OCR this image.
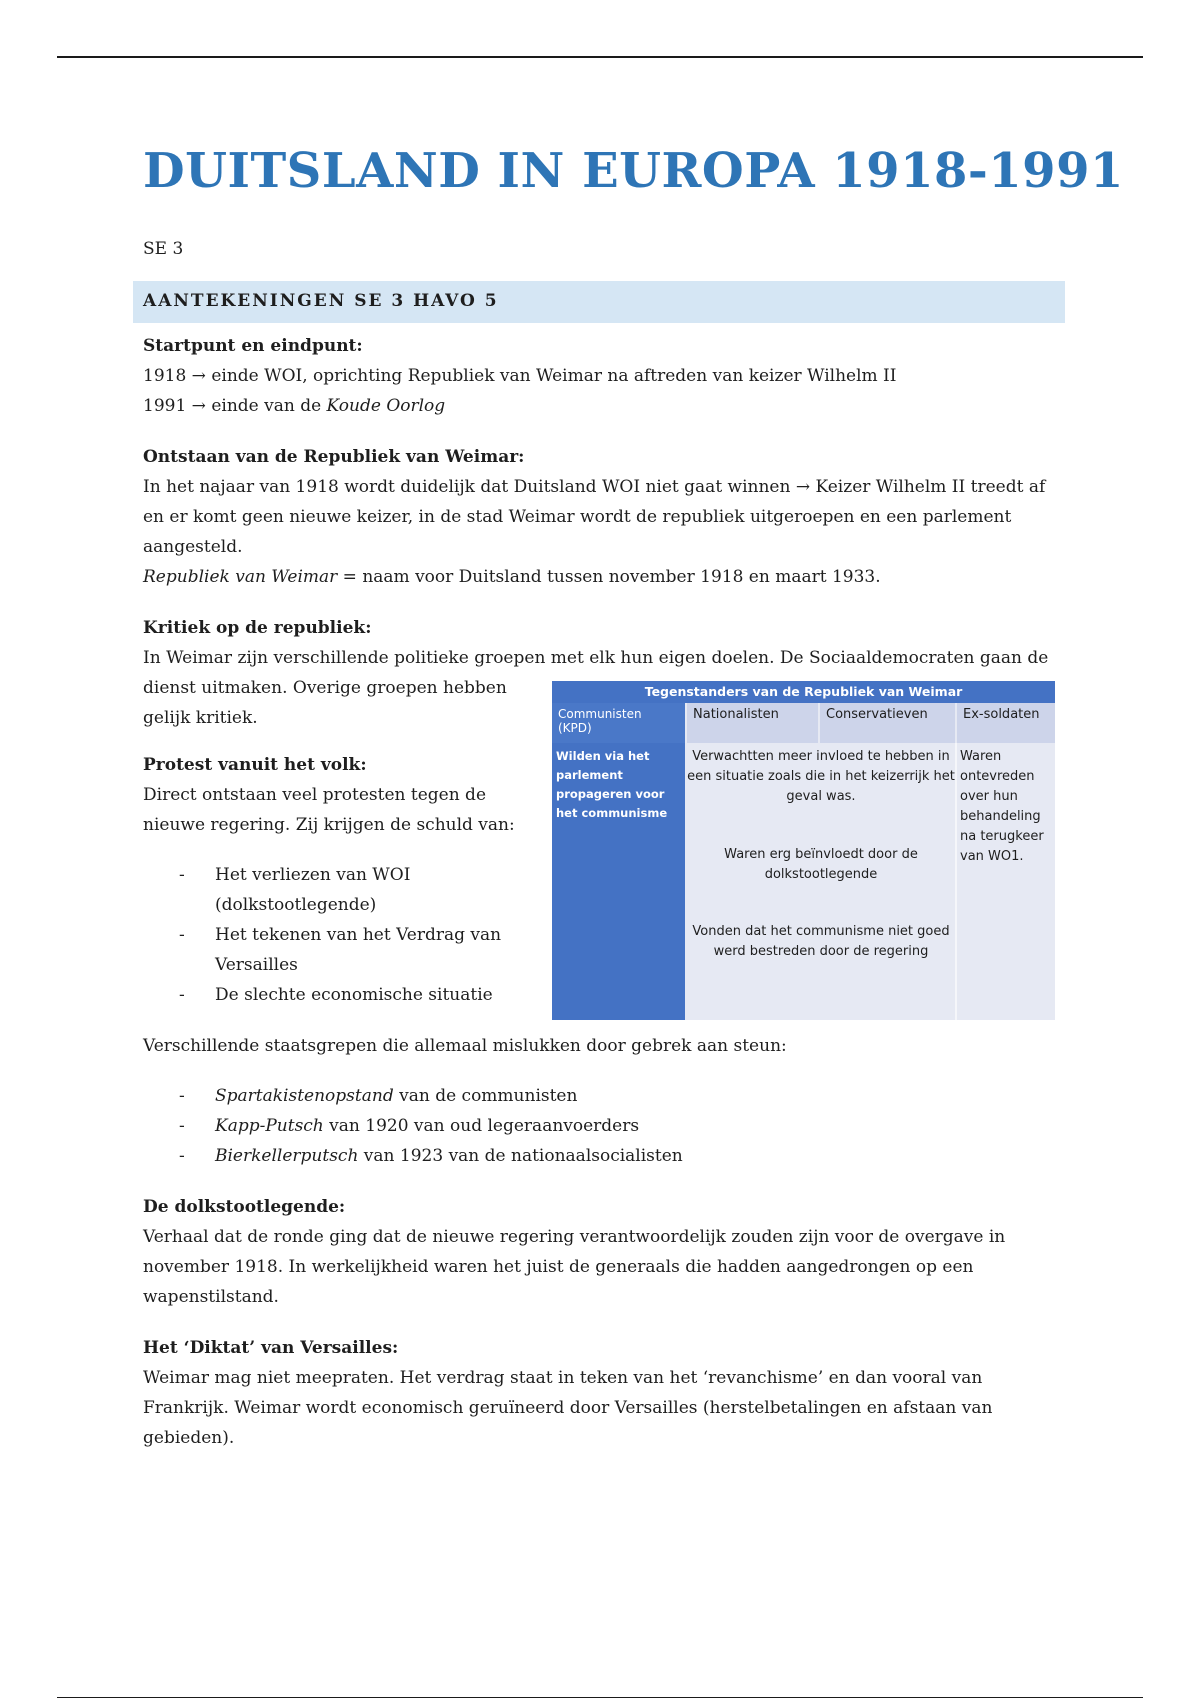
DUITSLAND IN EUROPA 1918-1991
SE 3
AANTEKENINGEN SE 3 HAVO 5
Startpunt en eindpunt:
1918 → einde WOI, oprichting Republiek van Weimar na aftreden van keizer Wilhelm II
1991 → einde van de Koude Oorlog
Ontstaan van de Republiek van Weimar:
In het najaar van 1918 wordt duidelijk dat Duitsland WOI niet gaat winnen → Keizer Wilhelm II treedt af en er komt geen nieuwe keizer, in de stad Weimar wordt de republiek uitgeroepen en een parlement aangesteld.
Republiek van Weimar = naam voor Duitsland tussen november 1918 en maart 1933.
Kritiek op de republiek:
In Weimar zijn verschillende politieke groepen met elk hun eigen doelen. De Sociaaldemocraten gaan de
dienst uitmaken. Overige groepen hebben
gelijk kritiek.
Protest vanuit het volk:
Direct ontstaan veel protesten tegen de
nieuwe regering. Zij krijgen de schuld van:
- Het verliezen van WOI
(dolkstootlegende)
- Het tekenen van het Verdrag van
Versailles
- De slechte economische situatie
Tegenstanders van de Republiek van Weimar
Communisten (KPD)
Nationalisten	Conservatieven	Ex-soldaten
Wilden via het parlement propageren voor het communisme
Verwachtten meer invloed te hebben in een situatie zoals die in het keizerrijk het geval was.
Waren erg beïnvloedt door de dolkstootlegende
Vonden dat het communisme niet goed werd bestreden door de regering
Waren ontevreden over hun behandeling na terugkeer van WO1.
Verschillende staatsgrepen die allemaal mislukken door gebrek aan steun:
- Spartakistenopstand van de communisten
- Kapp-Putsch van 1920 van oud legeraanvoerders
- Bierkellerputsch van 1923 van de nationaalsocialisten
De dolkstootlegende:
Verhaal dat de ronde ging dat de nieuwe regering verantwoordelijk zouden zijn voor de overgave in november 1918. In werkelijkheid waren het juist de generaals die hadden aangedrongen op een wapenstilstand.
Het ‘Diktat’ van Versailles:
Weimar mag niet meepraten. Het verdrag staat in teken van het ‘revanchisme’ en dan vooral van Frankrijk. Weimar wordt economisch geruïneerd door Versailles (herstelbetalingen en afstaan van gebieden).
